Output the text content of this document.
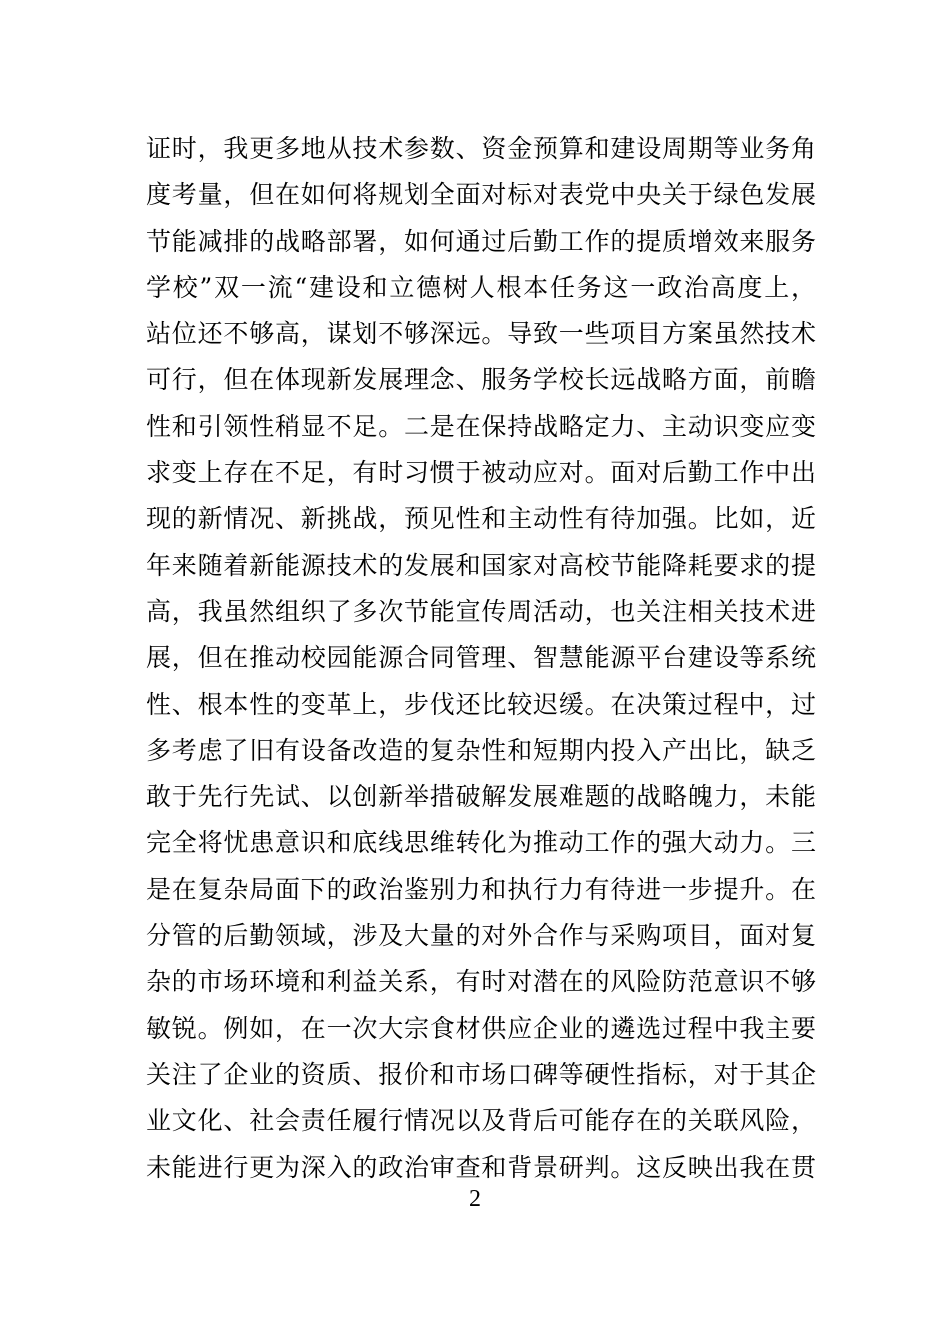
证时，我更多地从技术参数、资金预算和建设周期等业务角
度考量，但在如何将规划全面对标对表党中央关于绿色发展
节能减排的战略部署，如何通过后勤工作的提质增效来服务
学校”双一流“建设和立德树人根本任务这一政治高度上，
站位还不够高，谋划不够深远。导致一些项目方案虽然技术
可行，但在体现新发展理念、服务学校长远战略方面，前瞻
性和引领性稍显不足。二是在保持战略定力、主动识变应变
求变上存在不足，有时习惯于被动应对。面对后勤工作中出
现的新情况、新挑战，预见性和主动性有待加强。比如，近
年来随着新能源技术的发展和国家对高校节能降耗要求的提
高，我虽然组织了多次节能宣传周活动，也关注相关技术进
展，但在推动校园能源合同管理、智慧能源平台建设等系统
性、根本性的变革上，步伐还比较迟缓。在决策过程中，过
多考虑了旧有设备改造的复杂性和短期内投入产出比，缺乏
敢于先行先试、以创新举措破解发展难题的战略魄力，未能
完全将忧患意识和底线思维转化为推动工作的强大动力。三
是在复杂局面下的政治鉴别力和执行力有待进一步提升。在
分管的后勤领域，涉及大量的对外合作与采购项目，面对复
杂的市场环境和利益关系，有时对潜在的风险防范意识不够
敏锐。例如，在一次大宗食材供应企业的遴选过程中我主要
关注了企业的资质、报价和市场口碑等硬性指标，对于其企
业文化、社会责任履行情况以及背后可能存在的关联风险，
未能进行更为深入的政治审查和背景研判。这反映出我在贯
2
